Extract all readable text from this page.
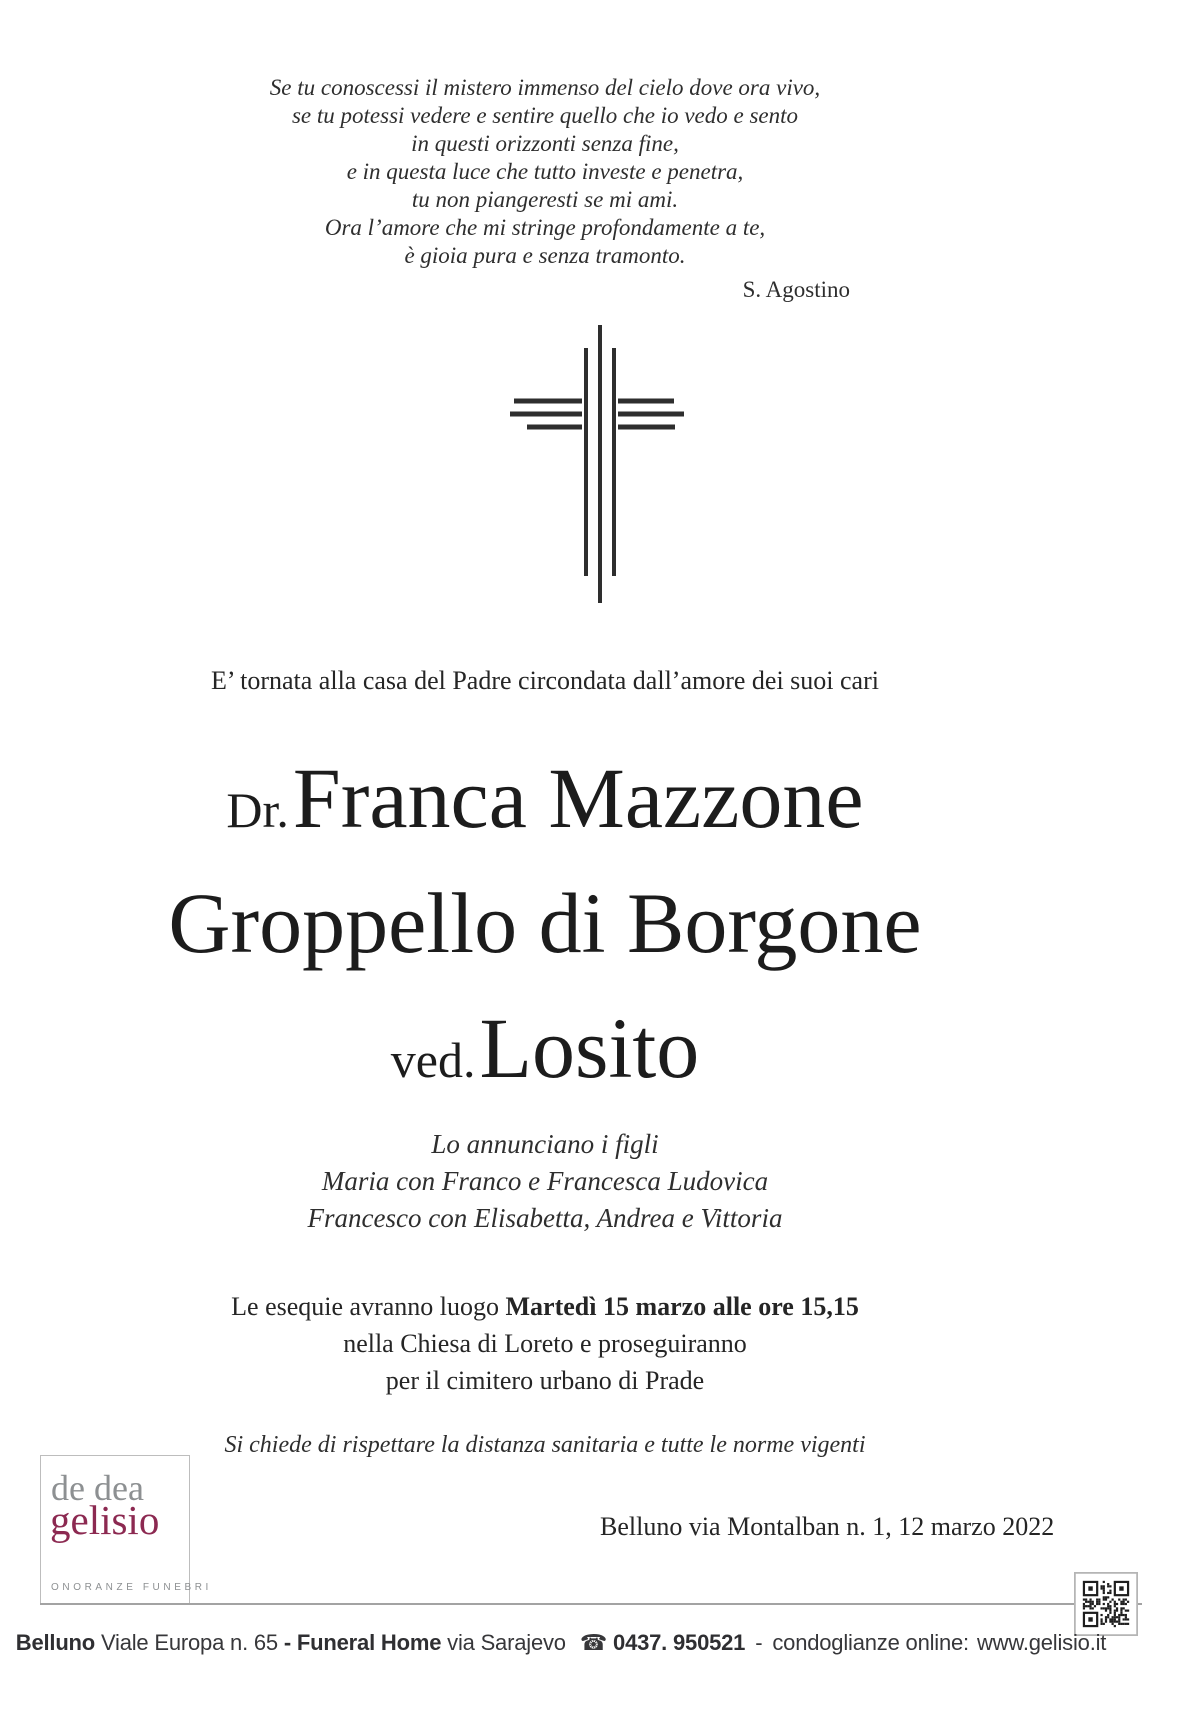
Se tu conoscessi il mistero immenso del cielo dove ora vivo,
se tu potessi vedere e sentire quello che io vedo e sento
in questi orizzonti senza fine,
e in questa luce che tutto investe e penetra,
tu non piangeresti se mi ami.
Ora l’amore che mi stringe profondamente a te,
è gioia pura e senza tramonto.
S. Agostino
E’ tornata alla casa del Padre circondata dall’amore dei suoi cari
Dr. Franca Mazzone
Groppello di Borgone
ved. Losito
Lo annunciano i figli
Maria con Franco e Francesca Ludovica
Francesco con Elisabetta, Andrea e Vittoria
Le esequie avranno luogo Martedì 15 marzo alle ore 15,15
nella Chiesa di Loreto e proseguiranno
per il cimitero urbano di Prade
Si chiede di rispettare la distanza sanitaria e tutte le norme vigenti
Belluno via Montalban n. 1, 12 marzo 2022
de dea
gelisio
ONORANZE FUNEBRI
Belluno Viale Europa n. 65 - Funeral Home via Sarajevo ☎ 0437. 950521 - condoglianze online: www.gelisio.it
